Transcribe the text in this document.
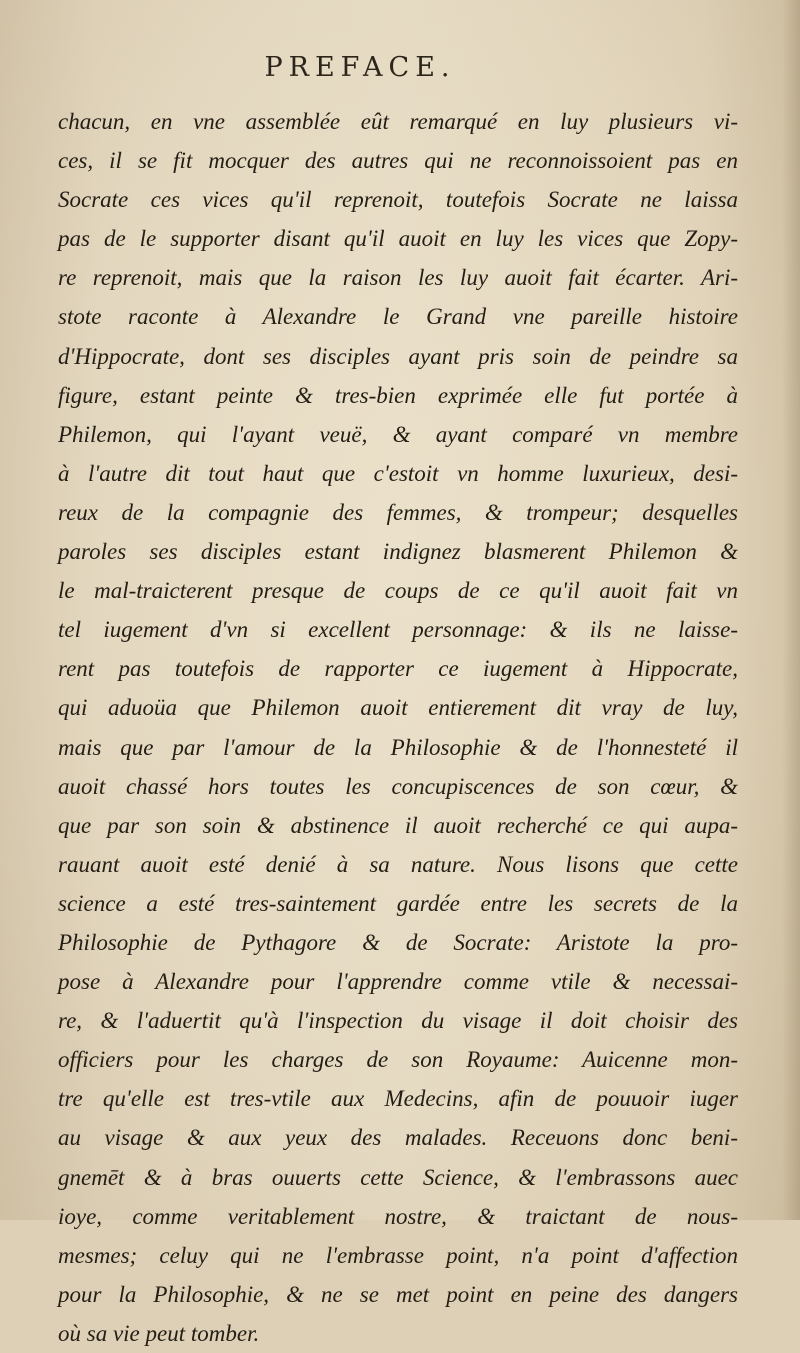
PREFACE.
chacun, en vne assemblée eût remarqué en luy plusieurs vi-
ces, il se fit mocquer des autres qui ne reconnoissoient pas en
Socrate ces vices qu'il reprenoit, toutefois Socrate ne laissa
pas de le supporter disant qu'il auoit en luy les vices que Zopy-
re reprenoit, mais que la raison les luy auoit fait écarter. Ari-
stote raconte à Alexandre le Grand vne pareille histoire
d'Hippocrate, dont ses disciples ayant pris soin de peindre sa
figure, estant peinte & tres-bien exprimée elle fut portée à
Philemon, qui l'ayant veuë, & ayant comparé vn membre
à l'autre dit tout haut que c'estoit vn homme luxurieux, desi-
reux de la compagnie des femmes, & trompeur; desquelles
paroles ses disciples estant indignez blasmerent Philemon &
le mal-traicterent presque de coups de ce qu'il auoit fait vn
tel iugement d'vn si excellent personnage: & ils ne laisse-
rent pas toutefois de rapporter ce iugement à Hippocrate,
qui aduoüa que Philemon auoit entierement dit vray de luy,
mais que par l'amour de la Philosophie & de l'honnesteté il
auoit chassé hors toutes les concupiscences de son cœur, &
que par son soin & abstinence il auoit recherché ce qui aupa-
rauant auoit esté denié à sa nature. Nous lisons que cette
science a esté tres-saintement gardée entre les secrets de la
Philosophie de Pythagore & de Socrate: Aristote la pro-
pose à Alexandre pour l'apprendre comme vtile & necessai-
re, & l'aduertit qu'à l'inspection du visage il doit choisir des
officiers pour les charges de son Royaume: Auicenne mon-
tre qu'elle est tres-vtile aux Medecins, afin de pouuoir iuger
au visage & aux yeux des malades. Receuons donc beni-
gnemēt & à bras ouuerts cette Science, & l'embrassons auec
ioye, comme veritablement nostre, & traictant de nous-
mesmes; celuy qui ne l'embrasse point, n'a point d'affection
pour la Philosophie, & ne se met point en peine des dangers
où sa vie peut tomber.
